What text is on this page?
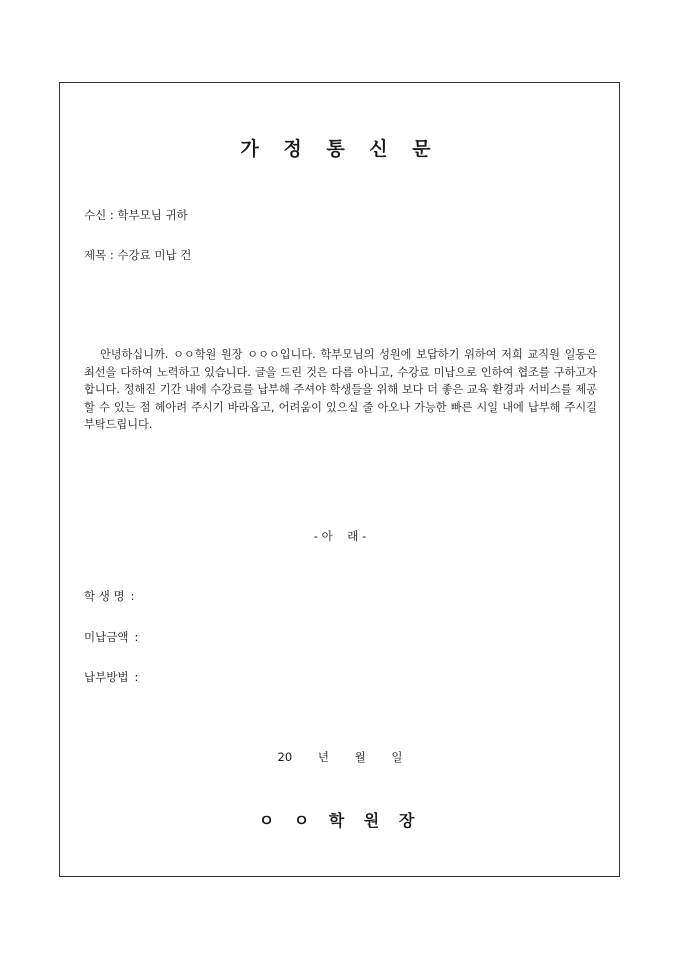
가 정 통 신 문
수신 : 학부모님 귀하
제목 : 수강료 미납 건
안녕하십니까. ㅇㅇ학원 원장 ㅇㅇㅇ입니다. 학부모님의 성원에 보답하기 위하여 저희 교직원 일동은 최선을 다하여 노력하고 있습니다. 글을 드린 것은 다름 아니고, 수강료 미납으로 인하여 협조를 구하고자 합니다. 정해진 기간 내에 수강료를 납부해 주셔야 학생들을 위해 보다 더 좋은 교육 환경과 서비스를 제공 할 수 있는 점 헤아려 주시기 바라옵고, 어려움이 있으실 줄 아오나 가능한 빠른 시일 내에 납부해 주시길 부탁드립니다.
- 아    래 -
학 생 명 :
미납금액 :
납부방법 :
20 년 월 일
ㅇ ㅇ 학 원 장
